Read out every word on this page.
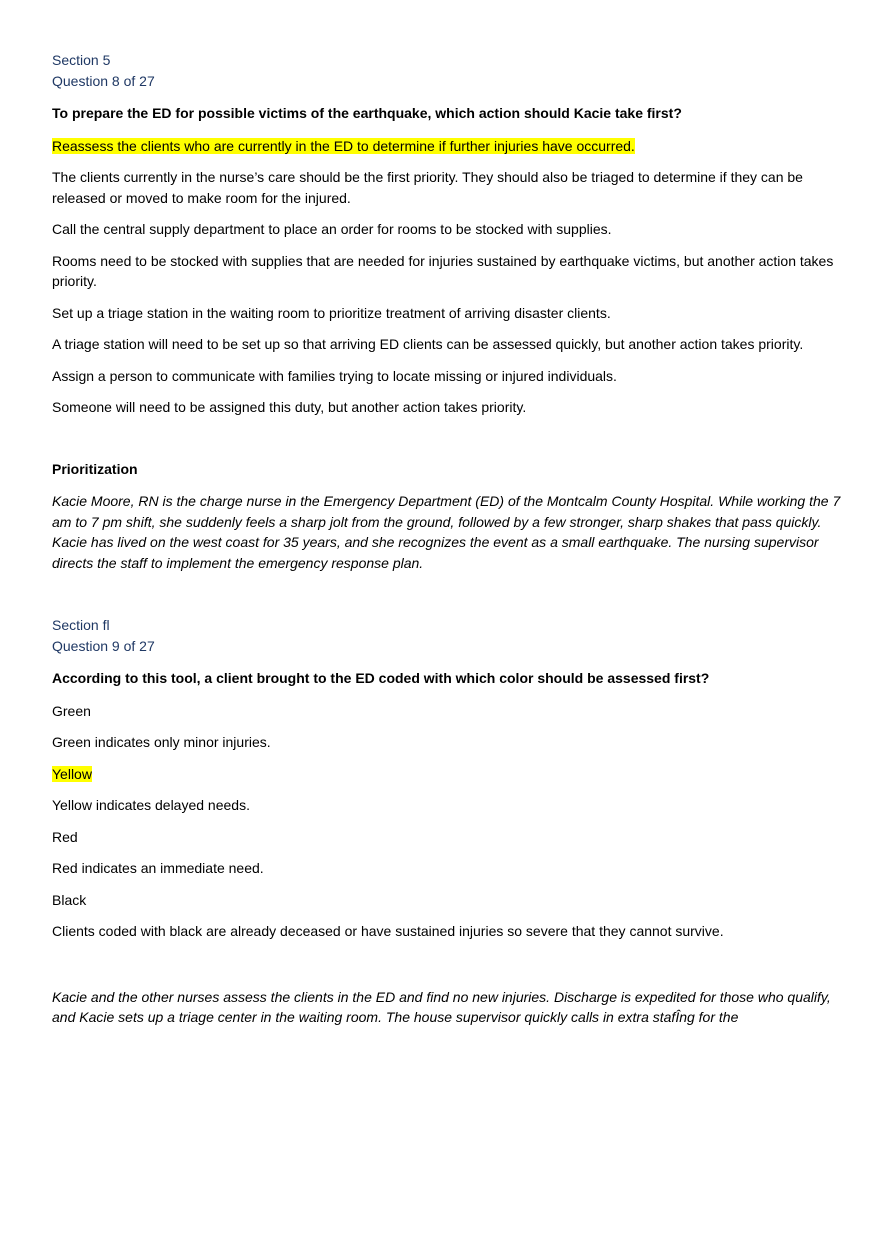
Section 5

Question 8 of 27

To prepare the ED for possible victims of the earthquake, which action should Kacie take first?

Reassess the clients who are currently in the ED to determine if further injuries have occurred.

The clients currently in the nurse’s care should be the first priority. They should also be triaged to determine if they can be released or moved to make room for the injured.

Call the central supply department to place an order for rooms to be stocked with supplies.

Rooms need to be stocked with supplies that are needed for injuries sustained by earthquake victims, but another action takes priority.

Set up a triage station in the waiting room to prioritize treatment of arriving disaster clients.

A triage station will need to be set up so that arriving ED clients can be assessed quickly, but another action takes priority.

Assign a person to communicate with families trying to locate missing or injured individuals.

Someone will need to be assigned this duty, but another action takes priority.

Prioritization

Kacie Moore, RN is the charge nurse in the Emergency Department (ED) of the Montcalm County Hospital. While working the 7 am to 7 pm shift, she suddenly feels a sharp jolt from the ground, followed by a few stronger, sharp shakes that pass quickly. Kacie has lived on the west coast for 35 years, and she recognizes the event as a small earthquake. The nursing supervisor directs the staff to implement the emergency response plan.

Section fl

Question 9 of 27

According to this tool, a client brought to the ED coded with which color should be assessed first?

Green

Green indicates only minor injuries.

Yellow

Yellow indicates delayed needs.

Red

Red indicates an immediate need.

Black

Clients coded with black are already deceased or have sustained injuries so severe that they cannot survive.

Kacie and the other nurses assess the clients in the ED and find no new injuries. Discharge is expedited for those who qualify, and Kacie sets up a triage center in the waiting room. The house supervisor quickly calls in extra stafÎng for the
